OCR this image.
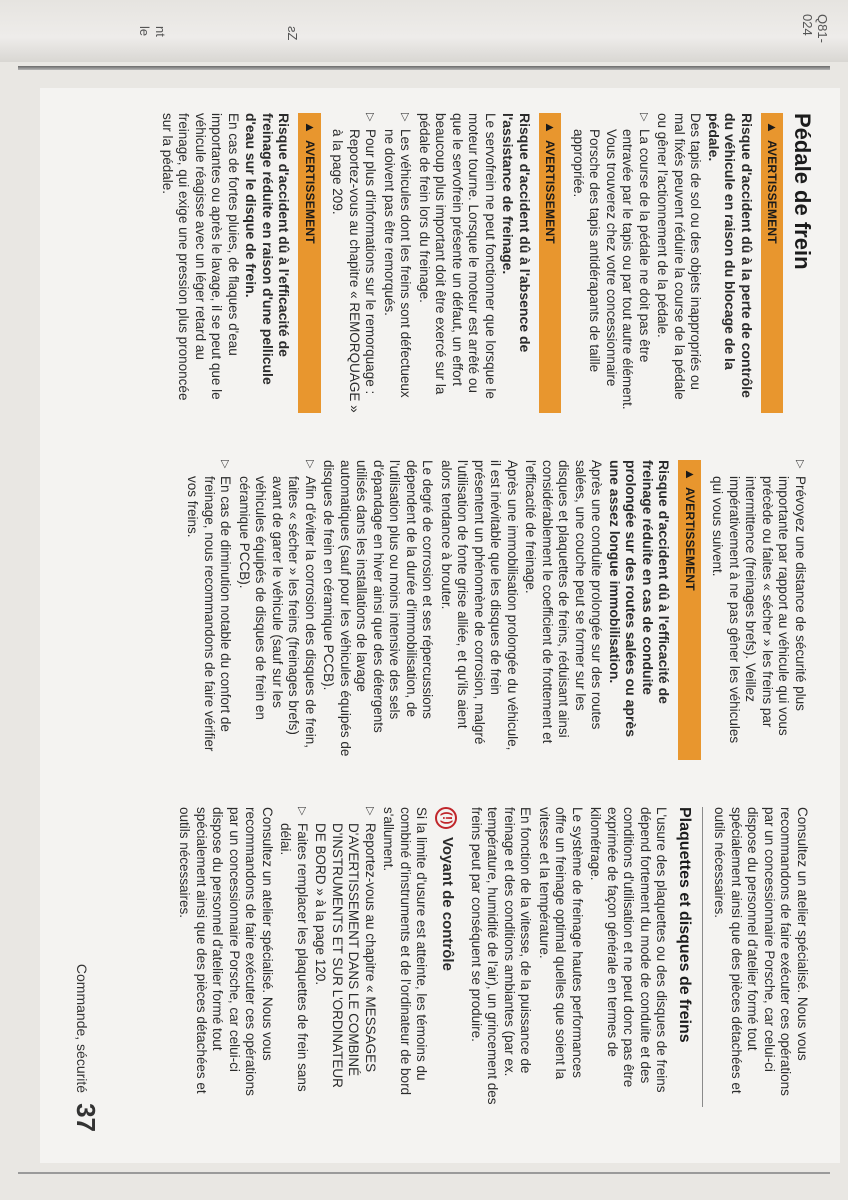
Q81-024
nt
le	ƨZ
Pédale de frein
▲
AVERTISSEMENT

Risque d'accident dû à la perte de contrôle du véhicule en raison du blocage de la pédale.

Des tapis de sol ou des objets inappropriés ou mal fixés peuvent réduire la course de la pédale ou gêner l'actionnement de la pédale.

▷
La course de la pédale ne doit pas être entravée par le tapis ou par tout autre élément. Vous trouverez chez votre concessionnaire Porsche des tapis antidérapants de taille appropriée.
▲
AVERTISSEMENT

Risque d'accident dû à l'absence de l'assistance de freinage.

Le servofrein ne peut fonctionner que lorsque le moteur tourne. Lorsque le moteur est arrêté ou que le servofrein présente un défaut, un effort beaucoup plus important doit être exercé sur la pédale de frein lors du freinage.

▷
Les véhicules dont les freins sont défectueux ne doivent pas être remorqués.
▷
Pour plus d'informations sur le remorquage : Reportez-vous au chapitre « REMORQUAGE » à la page 209.
▲
AVERTISSEMENT

Risque d'accident dû à l'efficacité de freinage réduite en raison d'une pellicule d'eau sur le disque de frein.

En cas de fortes pluies, de flaques d'eau importantes ou après le lavage, il se peut que le véhicule réagisse avec un léger retard au freinage, qui exige une pression plus prononcée sur la pédale.

▷
Prévoyez une distance de sécurité plus importante par rapport au véhicule qui vous précède ou faites « sécher » les freins par intermittence (freinages brefs). Veillez impérativement à ne pas gêner les véhicules qui vous suivent.
▲
AVERTISSEMENT

Risque d'accident dû à l'efficacité de freinage réduite en cas de conduite prolongée sur des routes salées ou après une assez longue immobilisation.

Après une conduite prolongée sur des routes salées, une couche peut se former sur les disques et plaquettes de freins, réduisant ainsi considérablement le coefficient de frottement et l'efficacité de freinage.

Après une immobilisation prolongée du véhicule, il est inévitable que les disques de frein présentent un phénomène de corrosion, malgré l'utilisation de fonte grise alliée, et qu'ils aient alors tendance à brouter.

Le degré de corrosion et ses répercussions dépendent de la durée d'immobilisation, de l'utilisation plus ou moins intensive des sels d'épandage en hiver ainsi que des détergents utilisés dans les installations de lavage automatiques (sauf pour les véhicules équipés de disques de frein en céramique PCCB).

▷
Afin d'éviter la corrosion des disques de frein, faites « sécher » les freins (freinages brefs) avant de garer le véhicule (sauf sur les véhicules équipés de disques de frein en céramique PCCB).
▷
En cas de diminution notable du confort de freinage, nous recommandons de faire vérifier vos freins.

Consultez un atelier spécialisé. Nous vous recommandons de faire exécuter ces opérations par un concessionnaire Porsche, car celui-ci dispose du personnel d'atelier formé tout spécialement ainsi que des pièces détachées et outils nécessaires.

Plaquettes et disques de freins

L'usure des plaquettes ou des disques de freins dépend fortement du mode de conduite et des conditions d'utilisation et ne peut donc pas être exprimée de façon générale en termes de kilométrage.

Le système de freinage hautes performances offre un freinage optimal quelles que soient la vitesse et la température.

En fonction de la vitesse, de la puissance de freinage et des conditions ambiantes (par ex. température, humidité de l'air), un grincement des freins peut par conséquent se produire.

(!)
Voyant de contrôle

Si la limite d'usure est atteinte, les témoins du combiné d'instruments et de l'ordinateur de bord s'allument.

▷
Reportez-vous au chapitre « MESSAGES D'AVERTISSEMENT DANS LE COMBINÉ D'INSTRUMENTS ET SUR L'ORDINATEUR DE BORD » à la page 120.
▷
Faites remplacer les plaquettes de frein sans délai.

Consultez un atelier spécialisé. Nous vous recommandons de faire exécuter ces opérations par un concessionnaire Porsche, car celui-ci dispose du personnel d'atelier formé tout spécialement ainsi que des pièces détachées et outils nécessaires.

Commande, sécurité
37
